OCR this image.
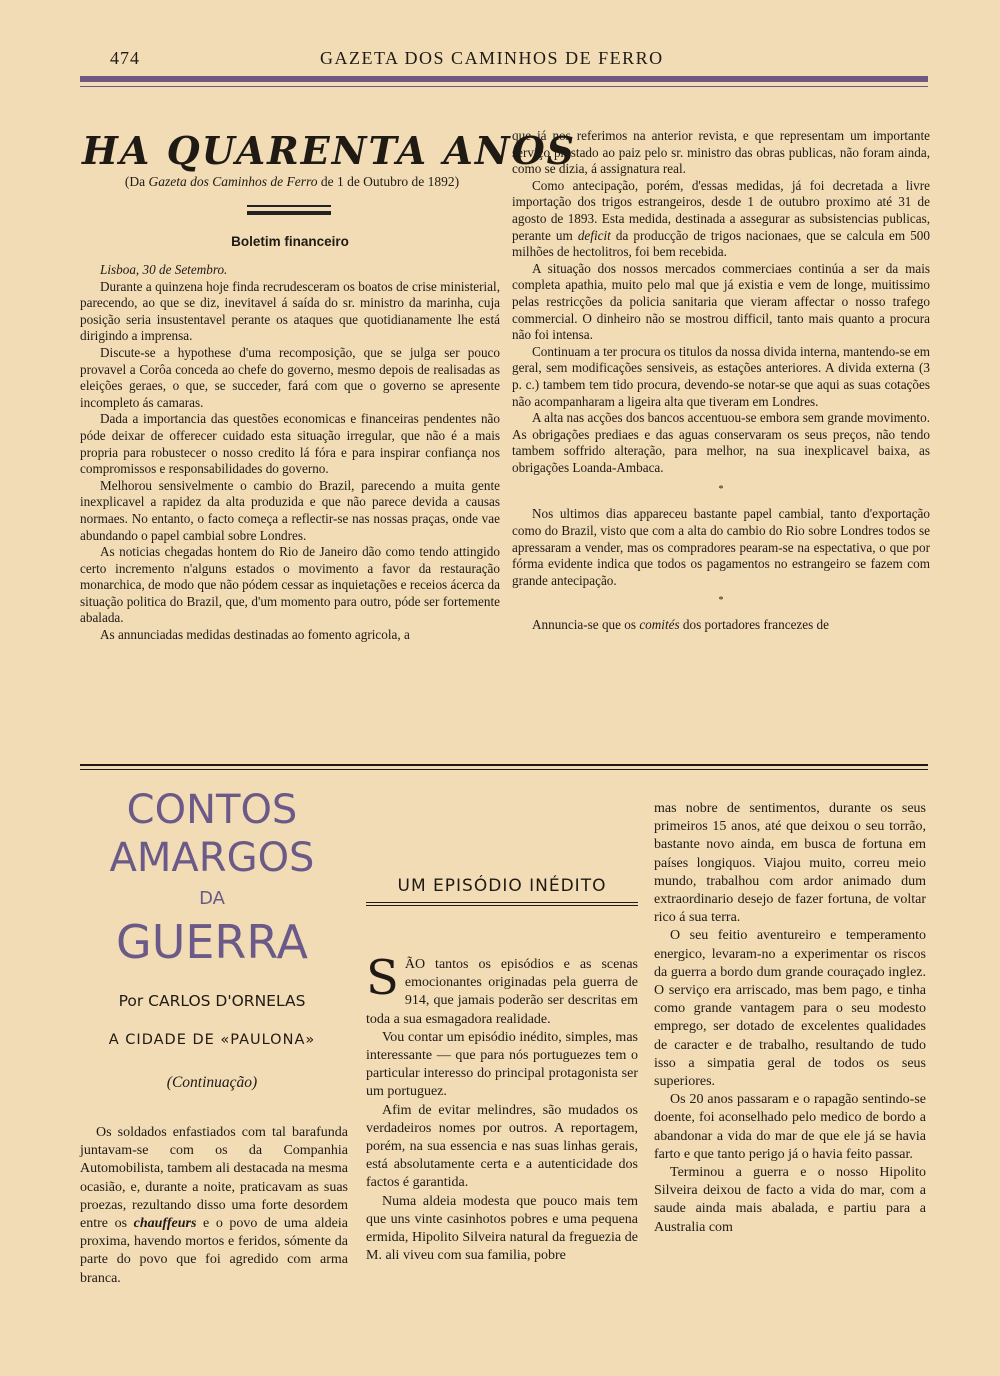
474	GAZETA DOS CAMINHOS DE FERRO
HA QUARENTA ANOS
(Da Gazeta dos Caminhos de Ferro de 1 de Outubro de 1892)
Boletim financeiro

Lisboa, 30 de Setembro.

Durante a quinzena hoje finda recrudesceram os boatos de crise ministerial, parecendo, ao que se diz, inevitavel á saída do sr. ministro da marinha, cuja posição seria insustentavel perante os ataques que quotidianamente lhe está dirigindo a imprensa.

Discute-se a hypothese d'uma recomposição, que se julga ser pouco provavel a Corôa conceda ao chefe do governo, mesmo depois de realisadas as eleições geraes, o que, se succeder, fará com que o governo se apresente incompleto ás camaras.

Dada a importancia das questões economicas e financeiras pendentes não póde deixar de offerecer cuidado esta situação irregular, que não é a mais propria para robustecer o nosso credito lá fóra e para inspirar confiança nos compromissos e responsabilidades do governo.

Melhorou sensivelmente o cambio do Brazil, parecendo a muita gente inexplicavel a rapidez da alta produzida e que não parece devida a causas normaes. No entanto, o facto começa a reflectir-se nas nossas praças, onde vae abundando o papel cambial sobre Londres.

As noticias chegadas hontem do Rio de Janeiro dão como tendo attingido certo incremento n'alguns estados o movimento a favor da restauração monarchica, de modo que não pódem cessar as inquietações e receios ácerca da situação politica do Brazil, que, d'um momento para outro, póde ser fortemente abalada.

As annunciadas medidas destinadas ao fomento agricola, a

que já nos referimos na anterior revista, e que representam um importante serviço prestado ao paiz pelo sr. ministro das obras publicas, não foram ainda, como se dizia, á assignatura real.

Como antecipação, porém, d'essas medidas, já foi decretada a livre importação dos trigos estrangeiros, desde 1 de outubro proximo até 31 de agosto de 1893. Esta medida, destinada a assegurar as subsistencias publicas, perante um deficit da producção de trigos nacionaes, que se calcula em 500 milhões de hectolitros, foi bem recebida.

A situação dos nossos mercados commerciaes continúa a ser da mais completa apathia, muito pelo mal que já existia e vem de longe, muitissimo pelas restricções da policia sanitaria que vieram affectar o nosso trafego commercial. O dinheiro não se mostrou difficil, tanto mais quanto a procura não foi intensa.

Continuam a ter procura os titulos da nossa divida interna, mantendo-se em geral, sem modificações sensiveis, as estações anteriores. A divida externa (3 p. c.) tambem tem tido procura, devendo-se notar-se que aqui as suas cotações não acompanharam a ligeira alta que tiveram em Londres.

A alta nas acções dos bancos accentuou-se embora sem grande movimento. As obrigações prediaes e das aguas conservaram os seus preços, não tendo tambem soffrido alteração, para melhor, na sua inexplicavel baixa, as obrigações Loanda-Ambaca.

*

Nos ultimos dias appareceu bastante papel cambial, tanto d'exportação como do Brazil, visto que com a alta do cambio do Rio sobre Londres todos se apressaram a vender, mas os compradores pearam-se na espectativa, o que por fórma evidente indica que todos os pagamentos no estrangeiro se fazem com grande antecipação.

*

Annuncia-se que os comités dos portadores francezes de

CONTOS
AMARGOS
DA
GUERRA
Por CARLOS D'ORNELAS
A CIDADE DE «PAULONA»
(Continuação)

Os soldados enfastiados com tal barafunda juntavam-se com os da Companhia Automobilista, tambem ali destacada na mesma ocasião, e, durante a noite, praticavam as suas proezas, rezultando disso uma forte desordem entre os chauffeurs e o povo de uma aldeia proxima, havendo mortos e feridos, sómente da parte do povo que foi agredido com arma branca.

UM EPISÓDIO INÉDITO

SÃO tantos os episódios e as scenas emocionantes originadas pela guerra de 914, que jamais poderão ser descritas em toda a sua esmagadora realidade.

Vou contar um episódio inédito, simples, mas interessante — que para nós portuguezes tem o particular interesso do principal protagonista ser um portuguez.

Afim de evitar melindres, são mudados os verdadeiros nomes por outros. A reportagem, porém, na sua essencia e nas suas linhas gerais, está absolutamente certa e a autenticidade dos factos é garantida.

Numa aldeia modesta que pouco mais tem que uns vinte casinhotos pobres e uma pequena ermida, Hipolito Silveira natural da freguezia de M. ali viveu com sua familia, pobre

mas nobre de sentimentos, durante os seus primeiros 15 anos, até que deixou o seu torrão, bastante novo ainda, em busca de fortuna em países longiquos. Viajou muito, correu meio mundo, trabalhou com ardor animado dum extraordinario desejo de fazer fortuna, de voltar rico á sua terra.

O seu feitio aventureiro e temperamento energico, levaram-no a experimentar os riscos da guerra a bordo dum grande couraçado inglez. O serviço era arriscado, mas bem pago, e tinha como grande vantagem para o seu modesto emprego, ser dotado de excelentes qualidades de caracter e de trabalho, resultando de tudo isso a simpatia geral de todos os seus superiores.

Os 20 anos passaram e o rapagão sentindo-se doente, foi aconselhado pelo medico de bordo a abandonar a vida do mar de que ele já se havia farto e que tanto perigo já o havia feito passar.

Terminou a guerra e o nosso Hipolito Silveira deixou de facto a vida do mar, com a saude ainda mais abalada, e partiu para a Australia com
